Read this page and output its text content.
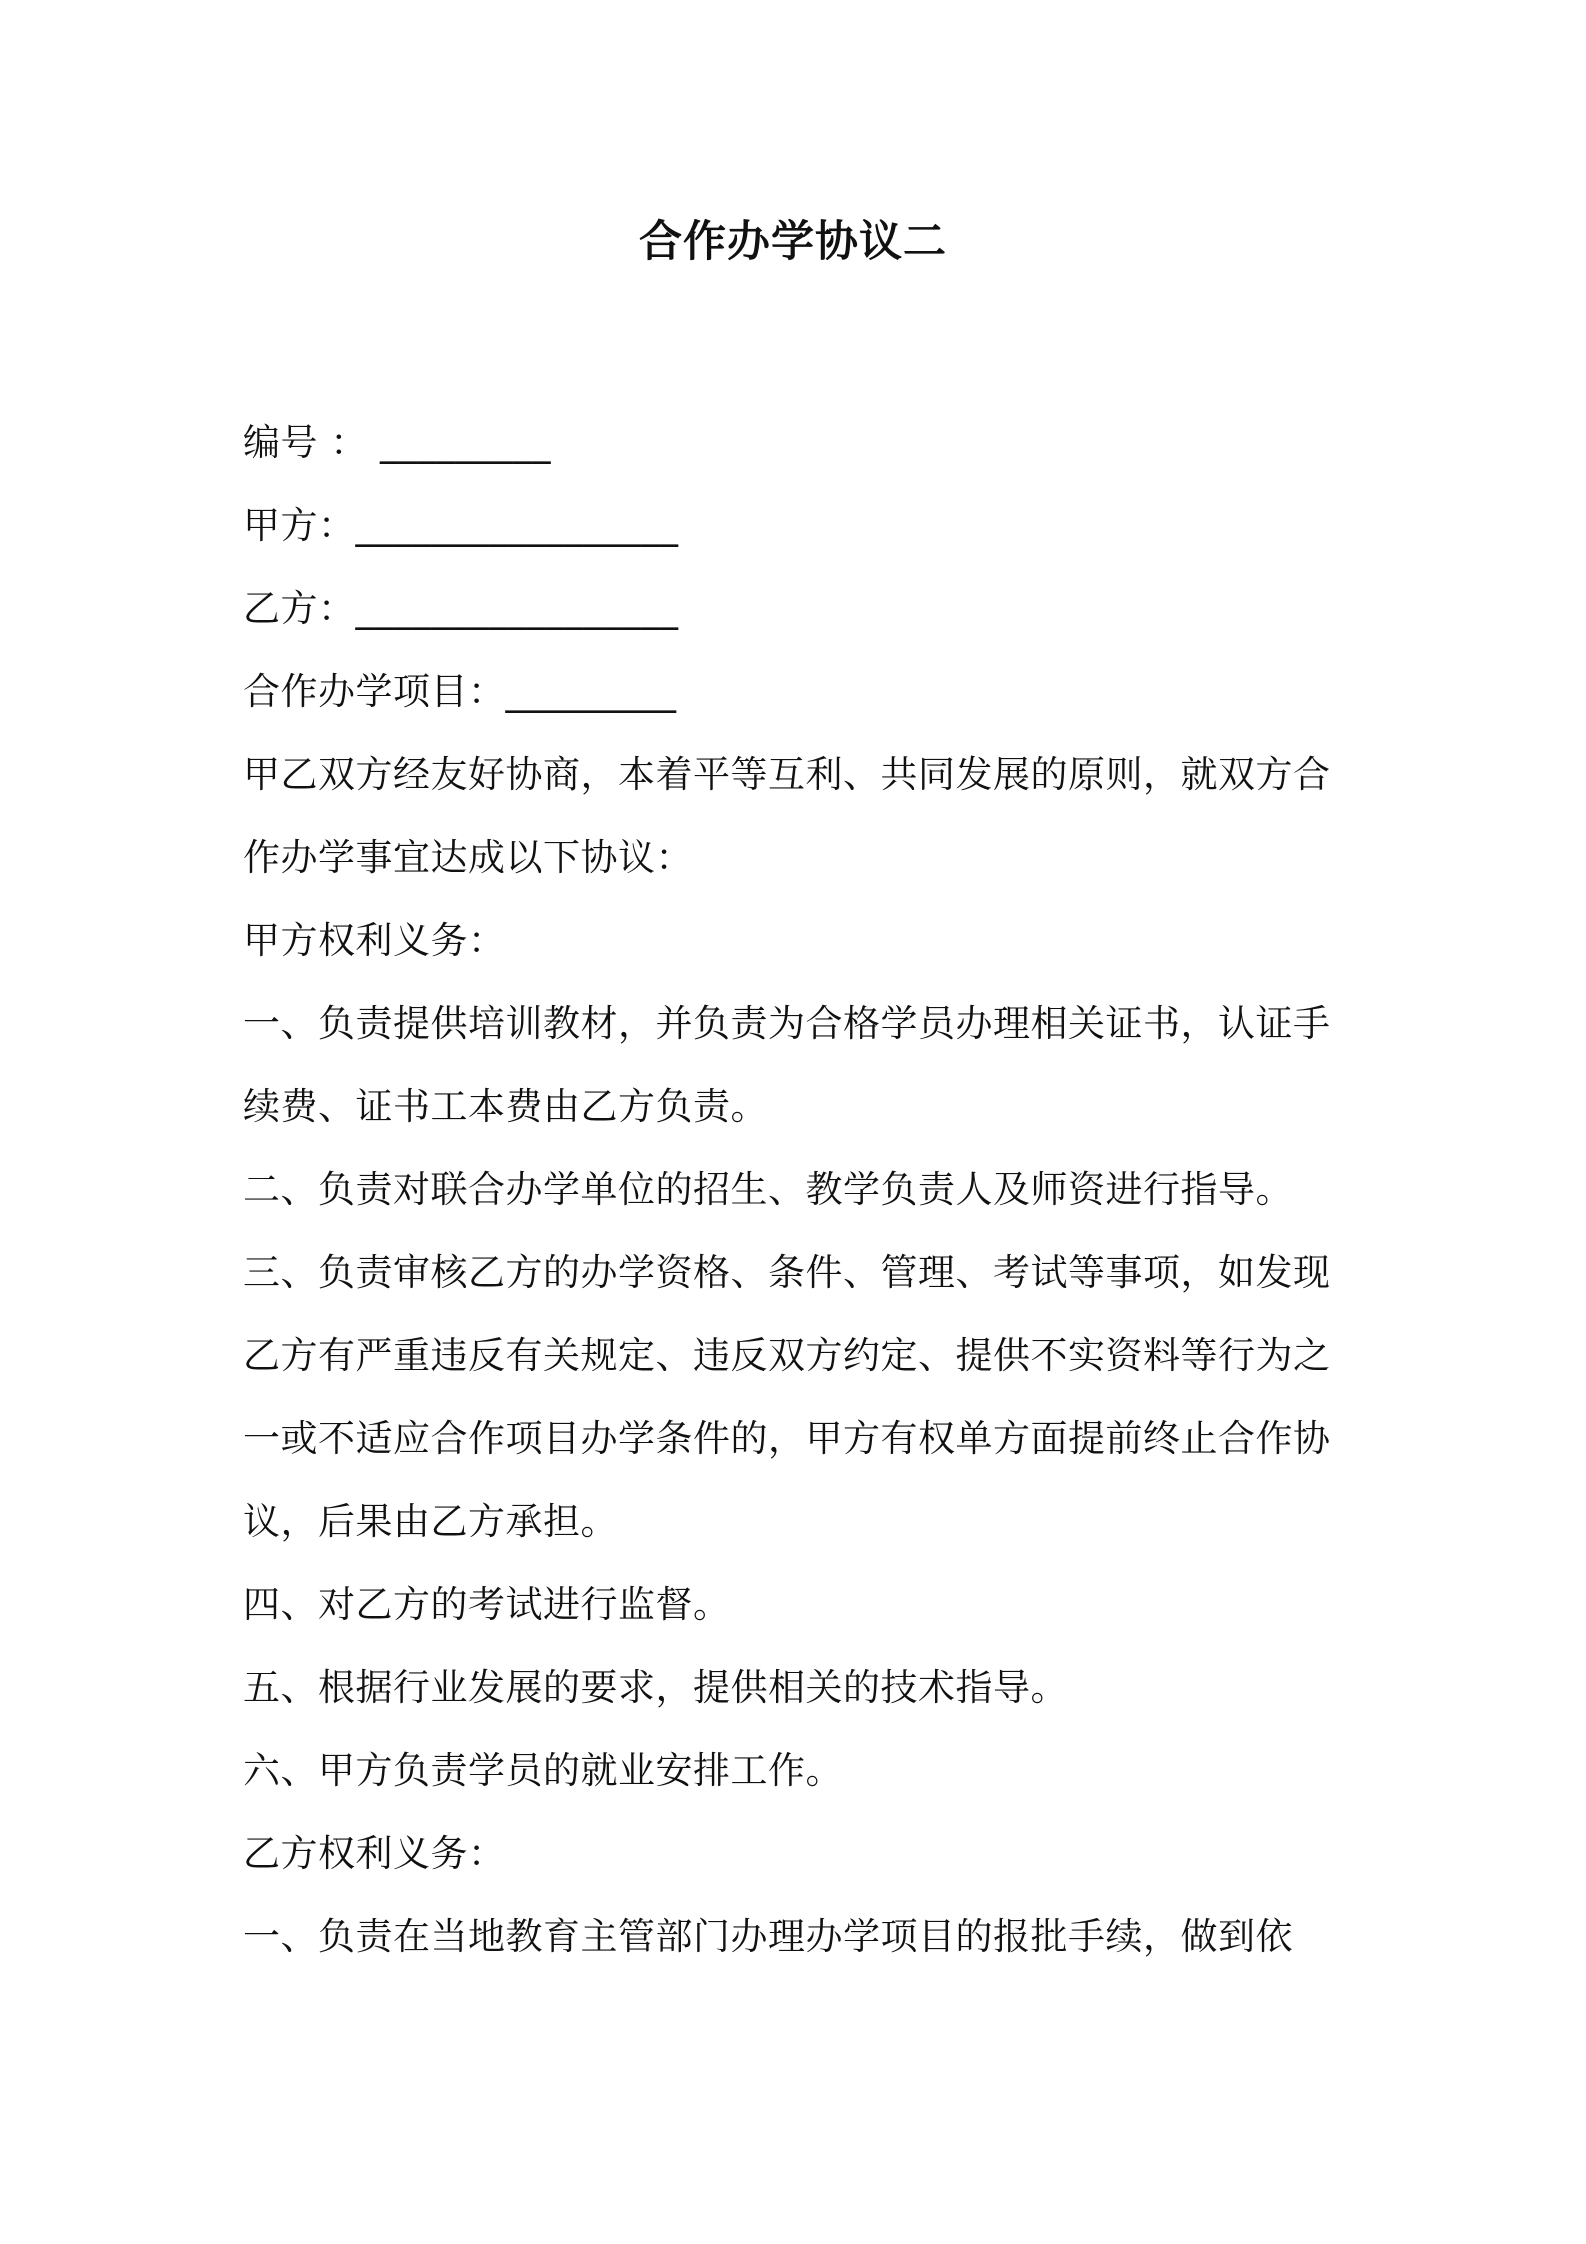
合作办学协议二
编号 ： _________
甲方：_________________
乙方：_________________
合作办学项目：_________

甲乙双方经友好协商，本着平等互利、共同发展的原则，就双方合作办学事宜达成以下协议：

甲方权利义务：

一、负责提供培训教材，并负责为合格学员办理相关证书，认证手续费、证书工本费由乙方负责。

二、负责对联合办学单位的招生、教学负责人及师资进行指导。

三、负责审核乙方的办学资格、条件、管理、考试等事项，如发现乙方有严重违反有关规定、违反双方约定、提供不实资料等行为之一或不适应合作项目办学条件的，甲方有权单方面提前终止合作协议，后果由乙方承担。

四、对乙方的考试进行监督。

五、根据行业发展的要求，提供相关的技术指导。

六、甲方负责学员的就业安排工作。

乙方权利义务：

一、负责在当地教育主管部门办理办学项目的报批手续，做到依
